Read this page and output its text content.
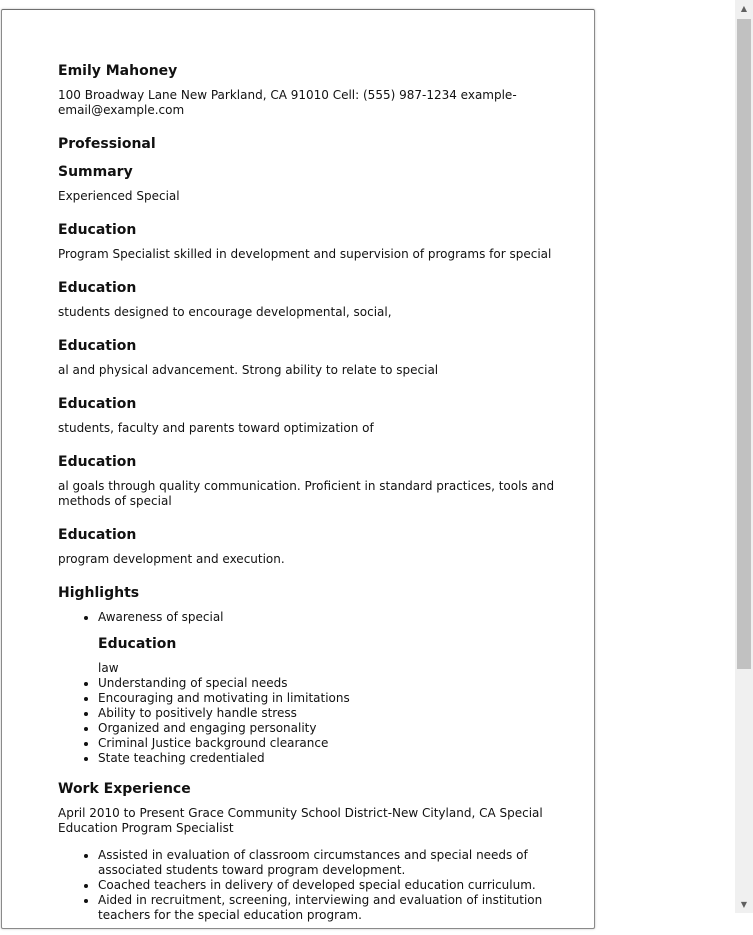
Emily Mahoney
100 Broadway Lane New Parkland, CA 91010 Cell: (555) 987-1234 example-email@example.com
Professional
Summary
Experienced Special
Education
Program Specialist skilled in development and supervision of programs for special
Education
students designed to encourage developmental, social,
Education
al and physical advancement. Strong ability to relate to special
Education
students, faculty and parents toward optimization of
Education
al goals through quality communication. Proficient in standard practices, tools and methods of special
Education
program development and execution.
Highlights
• Awareness of special
Education
law
• Understanding of special needs
• Encouraging and motivating in limitations
• Ability to positively handle stress
• Organized and engaging personality
• Criminal Justice background clearance
• State teaching credentialed
Work Experience
April 2010 to Present Grace Community School District-New Cityland, CA Special Education Program Specialist
• Assisted in evaluation of classroom circumstances and special needs of associated students toward program development.
• Coached teachers in delivery of developed special education curriculum.
• Aided in recruitment, screening, interviewing and evaluation of institution teachers for the special education program.
▲
▼
